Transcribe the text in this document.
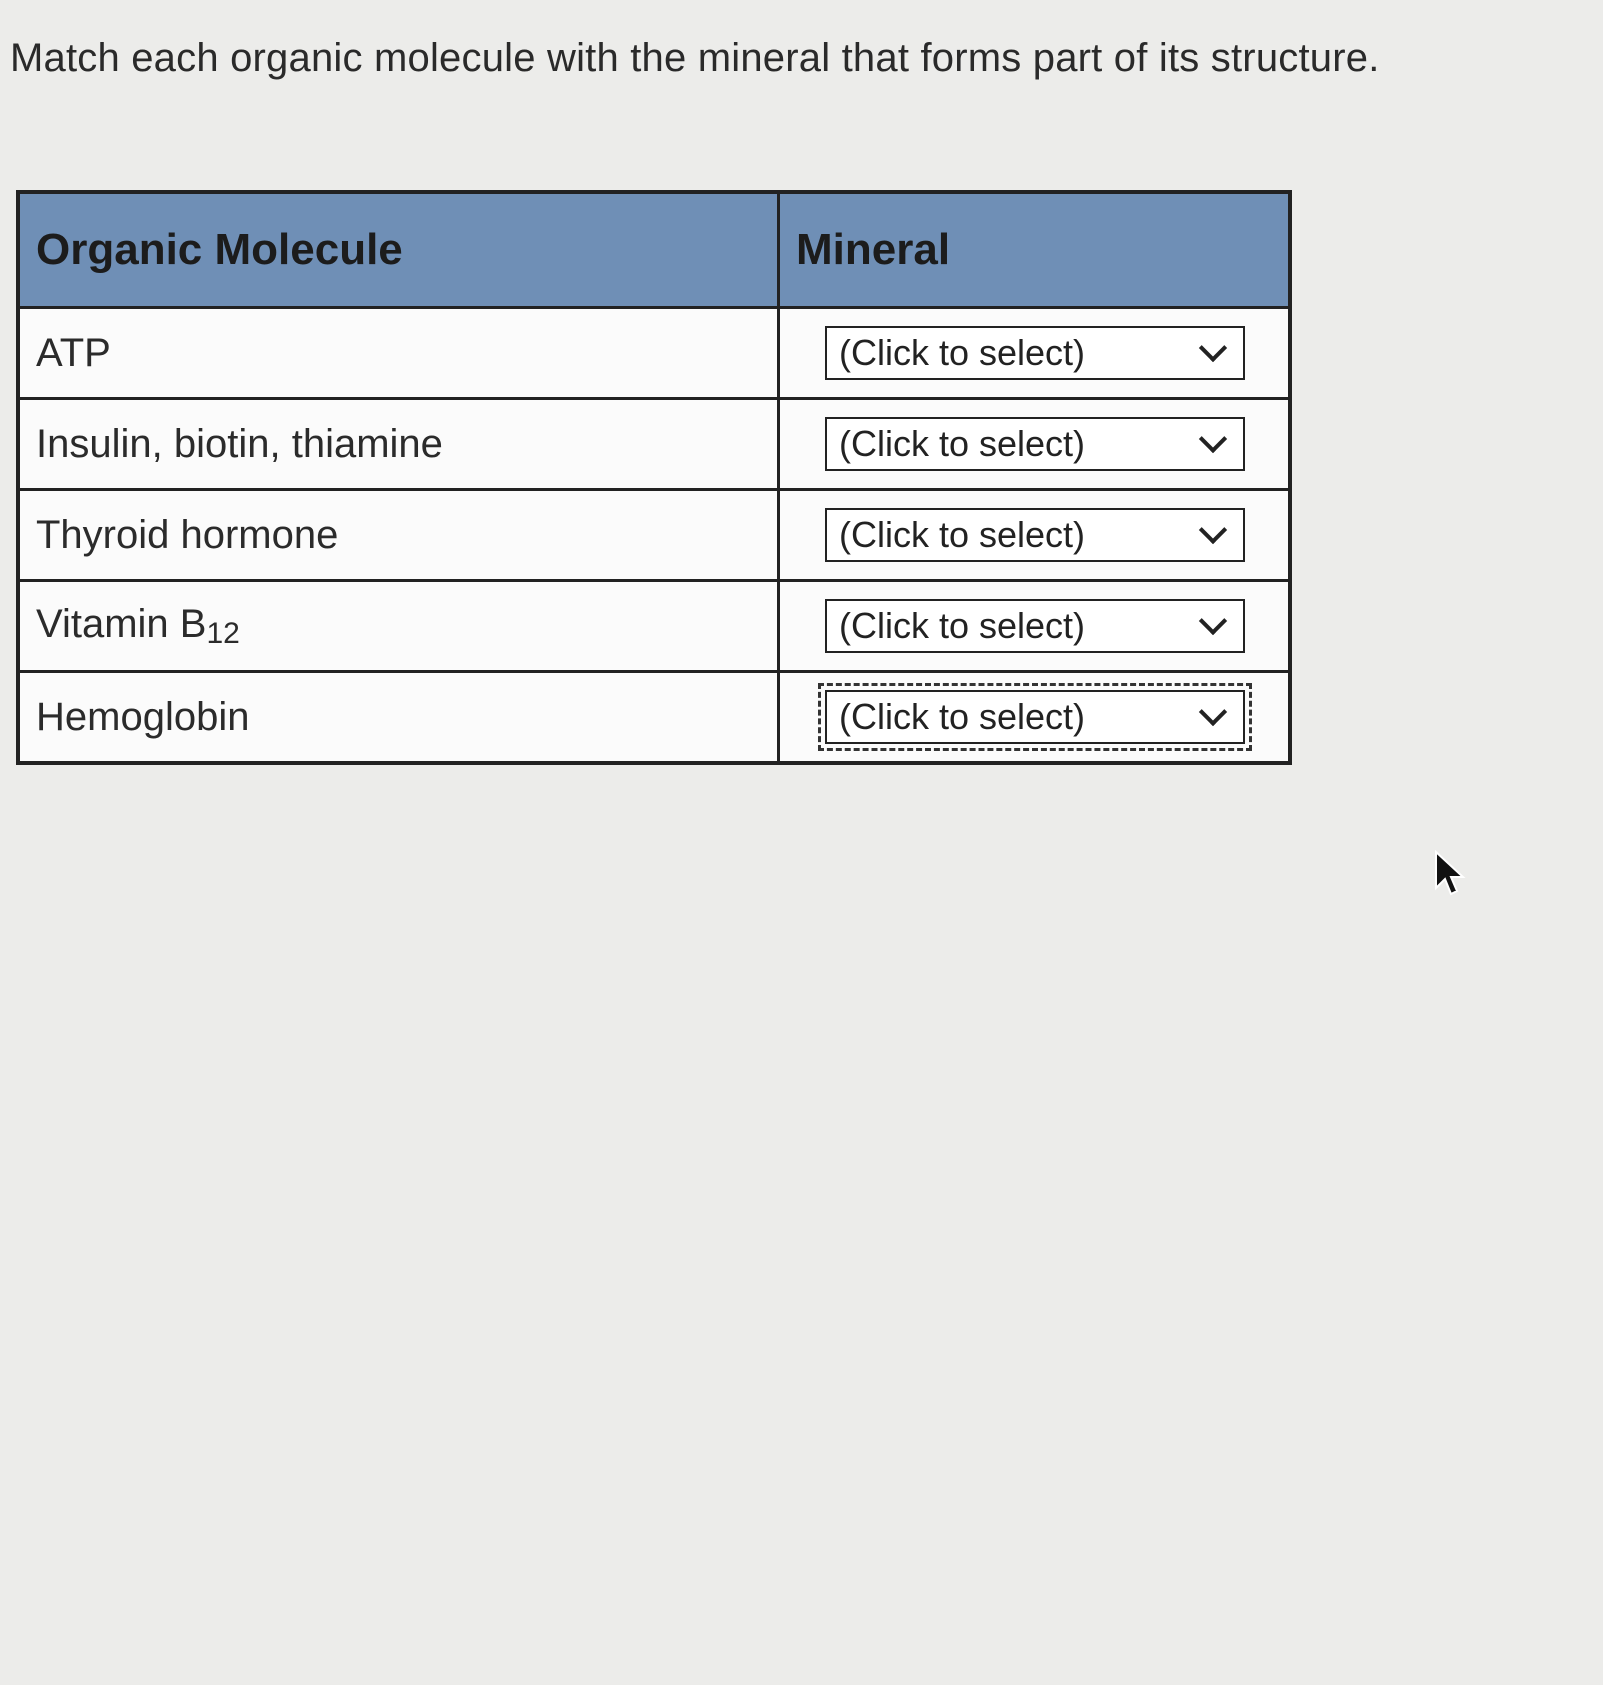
Match each organic molecule with the mineral that forms part of its structure.
Organic Molecule	Mineral
ATP	(Click to select)

Insulin, biotin, thiamine	(Click to select)

Thyroid hormone	(Click to select)

Vitamin $B_{12}$	(Click to select)

Hemoglobin	(Click to select)
